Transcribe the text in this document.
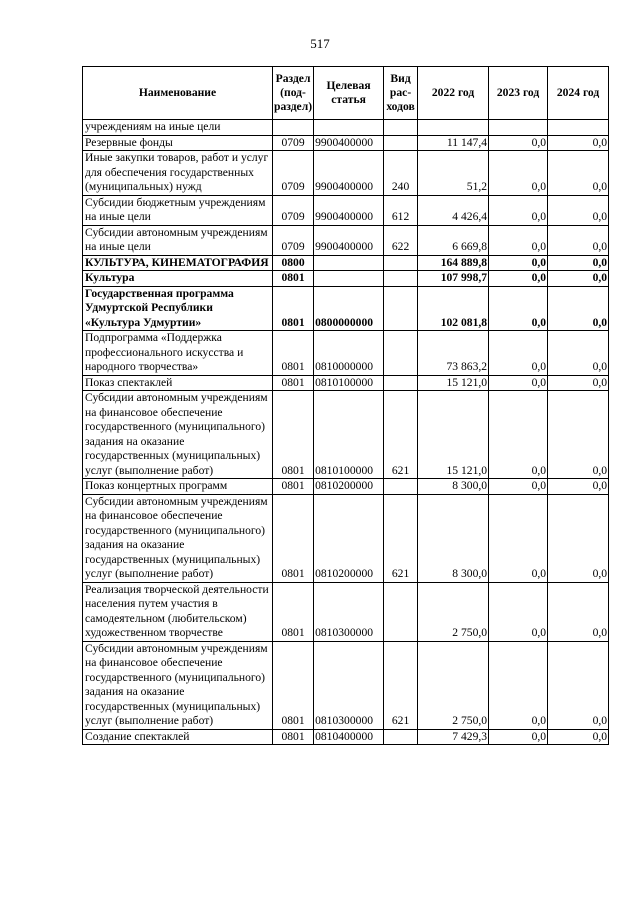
517
Наименование	Раздел (под-раздел)	Целевая статья	Вид рас-ходов	2022 год	2023 год	2024 год
учреждениям на иные цели						
Резервные фонды	0709	9900400000		11 147,4	0,0	0,0
Иные закупки товаров, работ и услуг для обеспечения государственных (муниципальных) нужд	0709	9900400000	240	51,2	0,0	0,0
Субсидии бюджетным учреждениям на иные цели	0709	9900400000	612	4 426,4	0,0	0,0
Субсидии автономным учреждениям на иные цели	0709	9900400000	622	6 669,8	0,0	0,0
КУЛЬТУРА, КИНЕМАТОГРАФИЯ	0800			164 889,8	0,0	0,0
Культура	0801			107 998,7	0,0	0,0
Государственная программа Удмуртской Республики «Культура Удмуртии»	0801	0800000000		102 081,8	0,0	0,0
Подпрограмма «Поддержка профессионального искусства и народного творчества»	0801	0810000000		73 863,2	0,0	0,0
Показ спектаклей	0801	0810100000		15 121,0	0,0	0,0
Субсидии автономным учреждениям на финансовое обеспечение государственного (муниципального) задания на оказание государственных (муниципальных) услуг (выполнение работ)	0801	0810100000	621	15 121,0	0,0	0,0
Показ концертных программ	0801	0810200000		8 300,0	0,0	0,0
Субсидии автономным учреждениям на финансовое обеспечение государственного (муниципального) задания на оказание государственных (муниципальных) услуг (выполнение работ)	0801	0810200000	621	8 300,0	0,0	0,0
Реализация творческой деятельности населения путем участия в самодеятельном (любительском) художественном творчестве	0801	0810300000		2 750,0	0,0	0,0
Субсидии автономным учреждениям на финансовое обеспечение государственного (муниципального) задания на оказание государственных (муниципальных) услуг (выполнение работ)	0801	0810300000	621	2 750,0	0,0	0,0
Создание спектаклей	0801	0810400000		7 429,3	0,0	0,0
